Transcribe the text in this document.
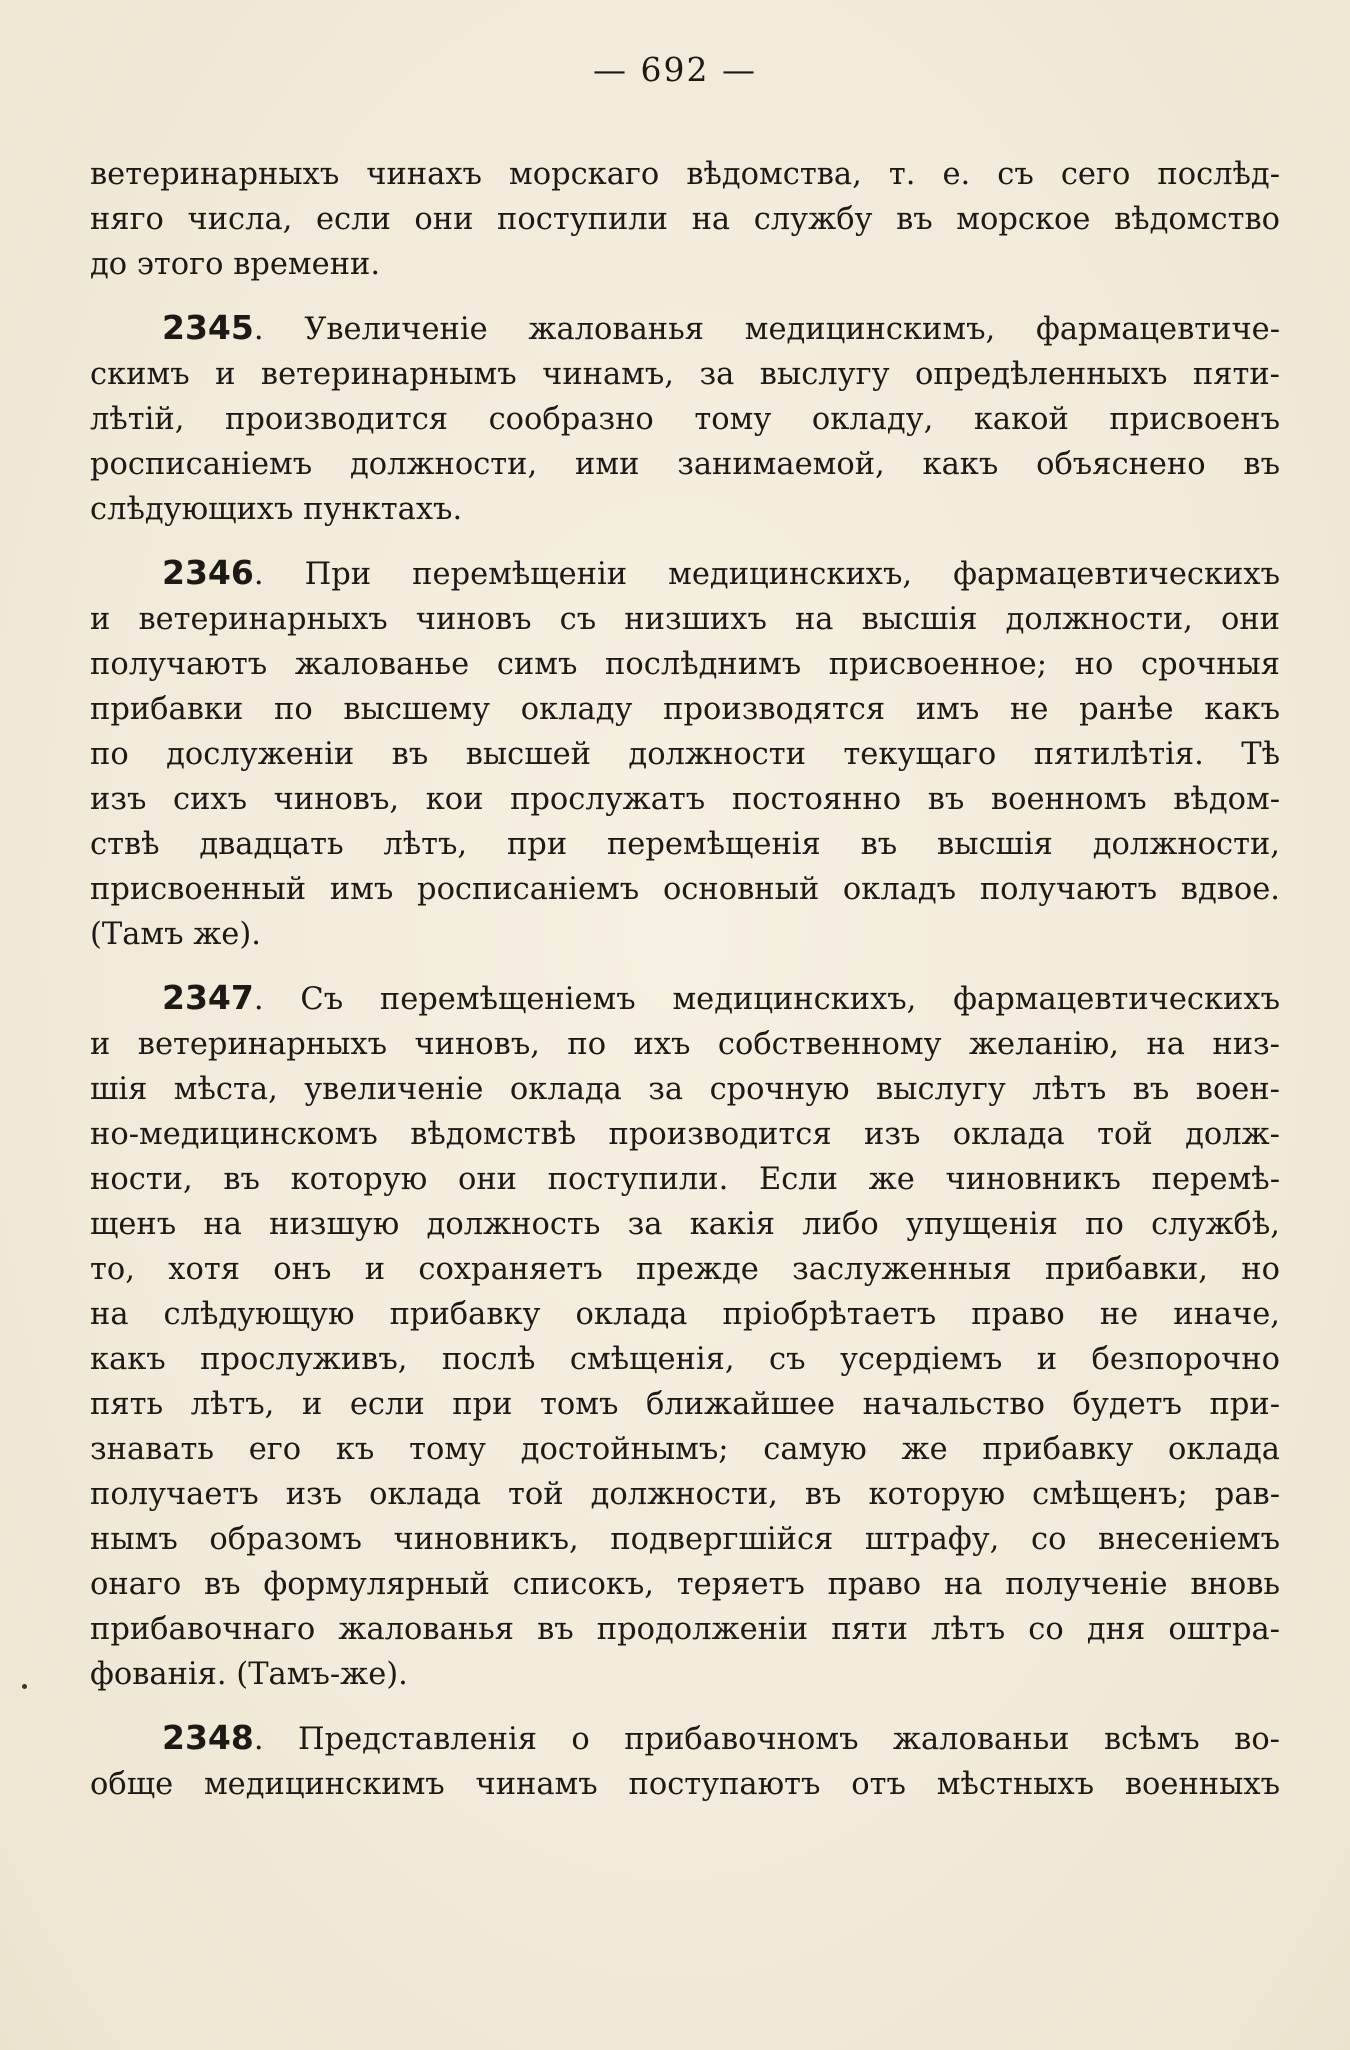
— 692 —

ветеринарныхъ чинахъ морскаго вѣдомства, т. е. съ сего послѣд-
няго числа, если они поступили на службу въ морское вѣдомство
до этого времени.

2345. Увеличеніе жалованья медицинскимъ, фармацевтиче-
скимъ и ветеринарнымъ чинамъ, за выслугу опредѣленныхъ пяти-
лѣтій, производится сообразно тому окладу, какой присвоенъ
росписаніемъ должности, ими занимаемой, какъ объяснено въ
слѣдующихъ пунктахъ.

2346. При перемѣщеніи медицинскихъ, фармацевтическихъ
и ветеринарныхъ чиновъ съ низшихъ на высшія должности, они
получаютъ жалованье симъ послѣднимъ присвоенное; но срочныя
прибавки по высшему окладу производятся имъ не ранѣе какъ
по дослуженіи въ высшей должности текущаго пятилѣтія. Тѣ
изъ сихъ чиновъ, кои прослужатъ постоянно въ военномъ вѣдом-
ствѣ двадцать лѣтъ, при перемѣщенія въ высшія должности,
присвоенный имъ росписаніемъ основный окладъ получаютъ вдвое.
(Тамъ же).

2347. Съ перемѣщеніемъ медицинскихъ, фармацевтическихъ
и ветеринарныхъ чиновъ, по ихъ собственному желанію, на низ-
шія мѣста, увеличеніе оклада за срочную выслугу лѣтъ въ воен-
но-медицинскомъ вѣдомствѣ производится изъ оклада той долж-
ности, въ которую они поступили. Если же чиновникъ перемѣ-
щенъ на низшую должность за какія либо упущенія по службѣ,
то, хотя онъ и сохраняетъ прежде заслуженныя прибавки, но
на слѣдующую прибавку оклада пріобрѣтаетъ право не иначе,
какъ прослуживъ, послѣ смѣщенія, съ усердіемъ и безпорочно
пять лѣтъ, и если при томъ ближайшее начальство будетъ при-
знавать его къ тому достойнымъ; самую же прибавку оклада
получаетъ изъ оклада той должности, въ которую смѣщенъ; рав-
нымъ образомъ чиновникъ, подвергшійся штрафу, со внесеніемъ
онаго въ формулярный списокъ, теряетъ право на полученіе вновь
прибавочнаго жалованья въ продолженіи пяти лѣтъ со дня оштра-
фованія. (Тамъ-же).

2348. Представленія о прибавочномъ жалованьи всѣмъ во-
обще медицинскимъ чинамъ поступаютъ отъ мѣстныхъ военныхъ
